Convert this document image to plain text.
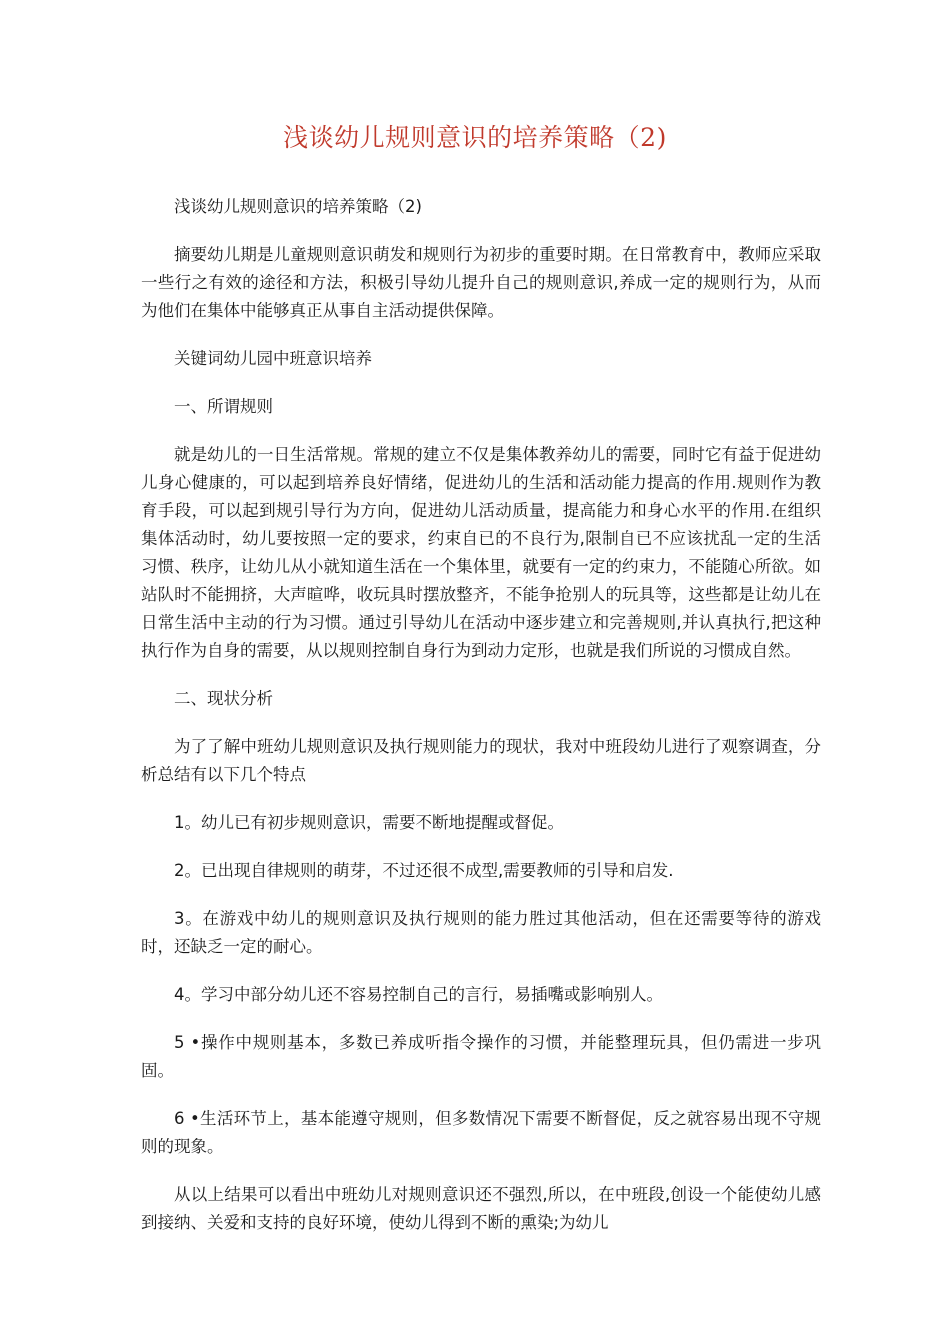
浅谈幼儿规则意识的培养策略（2)

浅谈幼儿规则意识的培养策略（2)

摘要幼儿期是儿童规则意识萌发和规则行为初步的重要时期。在日常教育中，教师应采取一些行之有效的途径和方法，积极引导幼儿提升自己的规则意识,养成一定的规则行为，从而为他们在集体中能够真正从事自主活动提供保障。

关键词幼儿园中班意识培养

一、所谓规则

就是幼儿的一日生活常规。常规的建立不仅是集体教养幼儿的需要，同时它有益于促进幼儿身心健康的，可以起到培养良好情绪，促进幼儿的生活和活动能力提高的作用.规则作为教育手段，可以起到规引导行为方向，促进幼儿活动质量，提高能力和身心水平的作用.在组织集体活动时，幼儿要按照一定的要求，约束自已的不良行为,限制自已不应该扰乱一定的生活习惯、秩序，让幼儿从小就知道生活在一个集体里，就要有一定的约束力，不能随心所欲。如站队时不能拥挤，大声暄哗，收玩具时摆放整齐，不能争抢别人的玩具等，这些都是让幼儿在日常生活中主动的行为习惯。通过引导幼儿在活动中逐步建立和完善规则,并认真执行,把这种执行作为自身的需要，从以规则控制自身行为到动力定形，也就是我们所说的习惯成自然。

二、现状分析

为了了解中班幼儿规则意识及执行规则能力的现状，我对中班段幼儿进行了观察调查，分析总结有以下几个特点

1。幼儿已有初步规则意识，需要不断地提醒或督促。

2。已出现自律规则的萌芽，不过还很不成型,需要教师的引导和启发.

3。在游戏中幼儿的规则意识及执行规则的能力胜过其他活动，但在还需要等待的游戏时，还缺乏一定的耐心。

4。学习中部分幼儿还不容易控制自己的言行，易插嘴或影响别人。

5 •操作中规则基本，多数已养成听指令操作的习惯，并能整理玩具，但仍需进一步巩固。

6 •生活环节上，基本能遵守规则，但多数情况下需要不断督促，反之就容易出现不守规则的现象。

从以上结果可以看出中班幼儿对规则意识还不强烈,所以，在中班段,创设一个能使幼儿感到接纳、关爱和支持的良好环境，使幼儿得到不断的熏染;为幼儿
